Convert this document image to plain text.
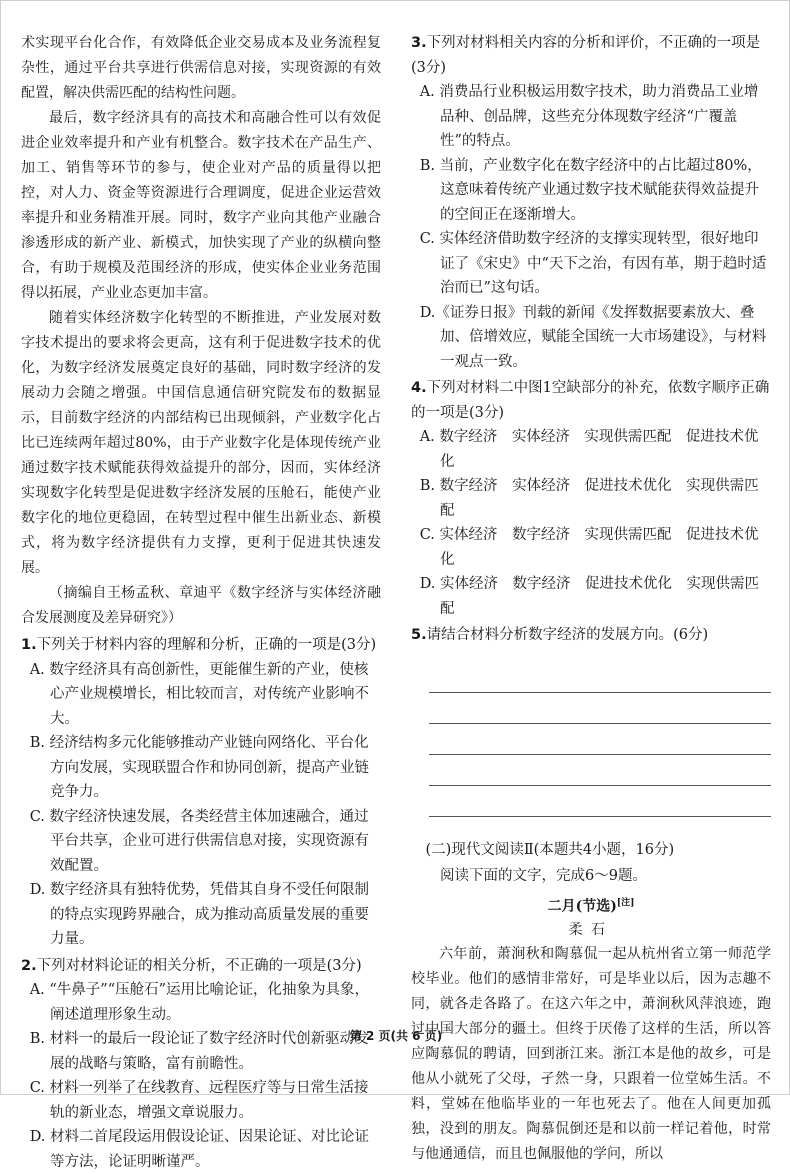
术实现平台化合作，有效降低企业交易成本及业务流程复杂性，通过平台共享进行供需信息对接，实现资源的有效配置，解决供需匹配的结构性问题。

最后，数字经济具有的高技术和高融合性可以有效促进企业效率提升和产业有机整合。数字技术在产品生产、加工、销售等环节的参与，使企业对产品的质量得以把控，对人力、资金等资源进行合理调度，促进企业运营效率提升和业务精准开展。同时，数字产业向其他产业融合渗透形成的新产业、新模式，加快实现了产业的纵横向整合，有助于规模及范围经济的形成，使实体企业业务范围得以拓展，产业业态更加丰富。

随着实体经济数字化转型的不断推进，产业发展对数字技术提出的要求将会更高，这有利于促进数字技术的优化，为数字经济发展奠定良好的基础，同时数字经济的发展动力会随之增强。中国信息通信研究院发布的数据显示，目前数字经济的内部结构已出现倾斜，产业数字化占比已连续两年超过80%，由于产业数字化是体现传统产业通过数字技术赋能获得效益提升的部分，因而，实体经济实现数字化转型是促进数字经济发展的压舱石，能使产业数字化的地位更稳固，在转型过程中催生出新业态、新模式，将为数字经济提供有力支撑，更利于促进其快速发展。

（摘编自王杨孟秋、章迪平《数字经济与实体经济融合发展测度及差异研究》）

1.下列关于材料内容的理解和分析，正确的一项是(3分)

A. 数字经济具有高创新性，更能催生新的产业，使核心产业规模增长，相比较而言，对传统产业影响不大。

B. 经济结构多元化能够推动产业链向网络化、平台化方向发展，实现联盟合作和协同创新，提高产业链竞争力。

C. 数字经济快速发展，各类经营主体加速融合，通过平台共享，企业可进行供需信息对接，实现资源有效配置。

D. 数字经济具有独特优势，凭借其自身不受任何限制的特点实现跨界融合，成为推动高质量发展的重要力量。

2.下列对材料论证的相关分析，不正确的一项是(3分)

A. “牛鼻子”“压舱石”运用比喻论证，化抽象为具象，阐述道理形象生动。

B. 材料一的最后一段论证了数字经济时代创新驱动发展的战略与策略，富有前瞻性。

C. 材料一列举了在线教育、远程医疗等与日常生活接轨的新业态，增强文章说服力。

D. 材料二首尾段运用假设论证、因果论证、对比论证等方法，论证明晰谨严。

3.下列对材料相关内容的分析和评价，不正确的一项是(3分)

A. 消费品行业积极运用数字技术，助力消费品工业增品种、创品牌，这些充分体现数字经济“广覆盖性”的特点。

B. 当前，产业数字化在数字经济中的占比超过80%，这意味着传统产业通过数字技术赋能获得效益提升的空间正在逐渐增大。

C. 实体经济借助数字经济的支撑实现转型，很好地印证了《宋史》中“天下之治，有因有革，期于趋时适治而已”这句话。

D.《证券日报》刊载的新闻《发挥数据要素放大、叠加、倍增效应，赋能全国统一大市场建设》，与材料一观点一致。

4.下列对材料二中图1空缺部分的补充，依数字顺序正确的一项是(3分)

A. 数字经济　实体经济　实现供需匹配　促进技术优化

B. 数字经济　实体经济　促进技术优化　实现供需匹配

C. 实体经济　数字经济　实现供需匹配　促进技术优化

D. 实体经济　数字经济　促进技术优化　实现供需匹配

5.请结合材料分析数字经济的发展方向。(6分)

(二)现代文阅读Ⅱ(本题共4小题，16分)

阅读下面的文字，完成6～9题。

二月(节选)[注]

柔石

六年前，萧涧秋和陶慕侃一起从杭州省立第一师范学校毕业。他们的感情非常好，可是毕业以后，因为志趣不同，就各走各路了。在这六年之中，萧涧秋风萍浪迹，跑过中国大部分的疆土。但终于厌倦了这样的生活，所以答应陶慕侃的聘请，回到浙江来。浙江本是他的故乡，可是他从小就死了父母，孑然一身，只跟着一位堂姊生活。不料，堂姊在他临毕业的一年也死去了。他在人间更加孤独，没到的朋友。陶慕侃倒还是和以前一样记着他，时常与他通通信，而且也佩服他的学问，所以

第 2 页(共 6 页)
